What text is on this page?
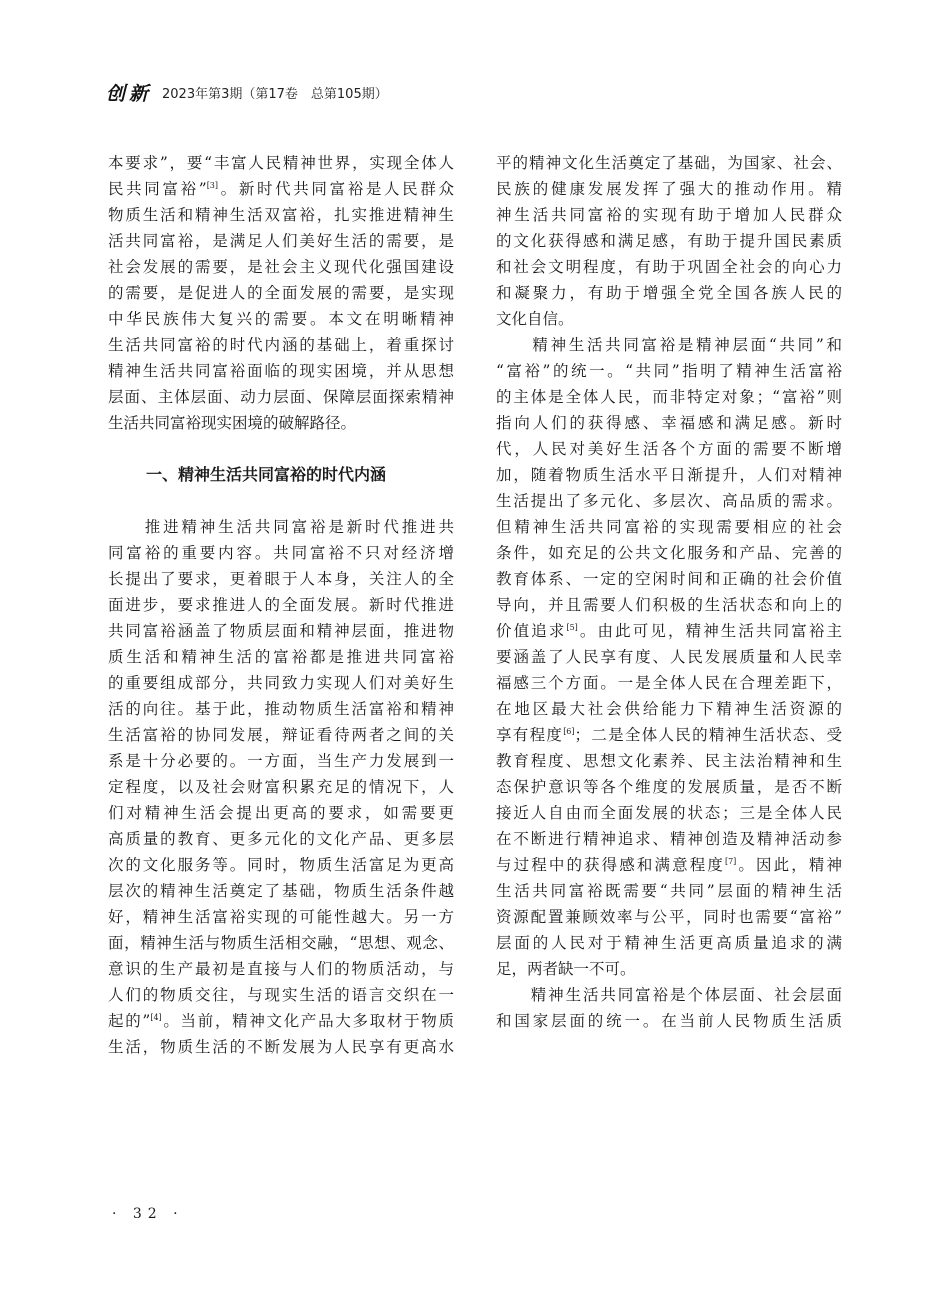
创新 2023年第3期（第17卷　总第105期）
本要求”，要“丰富人民精神世界，实现全体人
民共同富裕”[3]。新时代共同富裕是人民群众
物质生活和精神生活双富裕，扎实推进精神生
活共同富裕，是满足人们美好生活的需要，是
社会发展的需要，是社会主义现代化强国建设
的需要，是促进人的全面发展的需要，是实现
中华民族伟大复兴的需要。本文在明晰精神
生活共同富裕的时代内涵的基础上，着重探讨
精神生活共同富裕面临的现实困境，并从思想
层面、主体层面、动力层面、保障层面探索精神
生活共同富裕现实困境的破解路径。
一、精神生活共同富裕的时代内涵
　　推进精神生活共同富裕是新时代推进共
同富裕的重要内容。共同富裕不只对经济增
长提出了要求，更着眼于人本身，关注人的全
面进步，要求推进人的全面发展。新时代推进
共同富裕涵盖了物质层面和精神层面，推进物
质生活和精神生活的富裕都是推进共同富裕
的重要组成部分，共同致力实现人们对美好生
活的向往。基于此，推动物质生活富裕和精神
生活富裕的协同发展，辩证看待两者之间的关
系是十分必要的。一方面，当生产力发展到一
定程度，以及社会财富积累充足的情况下，人
们对精神生活会提出更高的要求，如需要更
高质量的教育、更多元化的文化产品、更多层
次的文化服务等。同时，物质生活富足为更高
层次的精神生活奠定了基础，物质生活条件越
好，精神生活富裕实现的可能性越大。另一方
面，精神生活与物质生活相交融，“思想、观念、
意识的生产最初是直接与人们的物质活动，与
人们的物质交往，与现实生活的语言交织在一
起的”[4]。当前，精神文化产品大多取材于物质
生活，物质生活的不断发展为人民享有更高水
平的精神文化生活奠定了基础，为国家、社会、
民族的健康发展发挥了强大的推动作用。精
神生活共同富裕的实现有助于增加人民群众
的文化获得感和满足感，有助于提升国民素质
和社会文明程度，有助于巩固全社会的向心力
和凝聚力，有助于增强全党全国各族人民的
文化自信。
　　精神生活共同富裕是精神层面“共同”和
“富裕”的统一。“共同”指明了精神生活富裕
的主体是全体人民，而非特定对象；“富裕”则
指向人们的获得感、幸福感和满足感。新时
代，人民对美好生活各个方面的需要不断增
加，随着物质生活水平日渐提升，人们对精神
生活提出了多元化、多层次、高品质的需求。
但精神生活共同富裕的实现需要相应的社会
条件，如充足的公共文化服务和产品、完善的
教育体系、一定的空闲时间和正确的社会价值
导向，并且需要人们积极的生活状态和向上的
价值追求[5]。由此可见，精神生活共同富裕主
要涵盖了人民享有度、人民发展质量和人民幸
福感三个方面。一是全体人民在合理差距下，
在地区最大社会供给能力下精神生活资源的
享有程度[6]；二是全体人民的精神生活状态、受
教育程度、思想文化素养、民主法治精神和生
态保护意识等各个维度的发展质量，是否不断
接近人自由而全面发展的状态；三是全体人民
在不断进行精神追求、精神创造及精神活动参
与过程中的获得感和满意程度[7]。因此，精神
生活共同富裕既需要“共同”层面的精神生活
资源配置兼顾效率与公平，同时也需要“富裕”
层面的人民对于精神生活更高质量追求的满
足，两者缺一不可。
　　精神生活共同富裕是个体层面、社会层面
和国家层面的统一。在当前人民物质生活质
· 32 ·
